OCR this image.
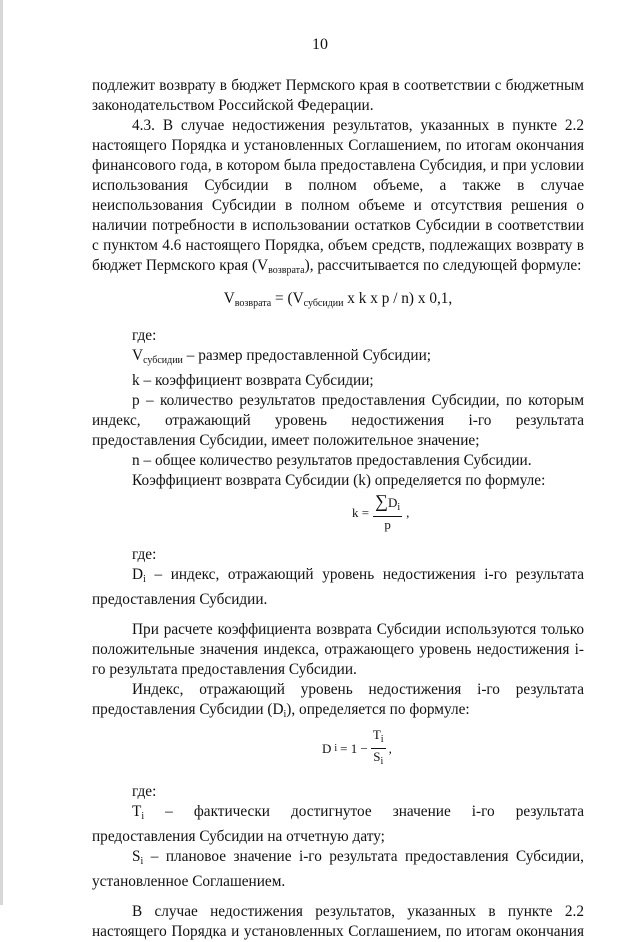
10

подлежит возврату в бюджет Пермского края в соответствии с бюджетным законодательством Российской Федерации.

4.3. В случае недостижения результатов, указанных в пункте 2.2 настоящего Порядка и установленных Соглашением, по итогам окончания финансового года, в котором была предоставлена Субсидия, и при условии использования Субсидии в полном объеме, а также в случае неиспользования Субсидии в полном объеме и отсутствия решения о наличии потребности в использовании остатков Субсидии в соответствии с пунктом 4.6 настоящего Порядка, объем средств, подлежащих возврату в бюджет Пермского края $(V_{возврата})$, рассчитывается по следующей формуле:

$V_{возврата} = (V_{субсидии}$ x k x p / n) x 0,1,

где:

$V_{субсидии}$ – размер предоставленной Субсидии;

k – коэффициент возврата Субсидии;

p – количество результатов предоставления Субсидии, по которым индекс, отражающий уровень недостижения i-го результата предоставления Субсидии, имеет положительное значение;

n – общее количество результатов предоставления Субсидии.

Коэффициент возврата Субсидии (k) определяется по формуле:

$k = \frac{\sum D_i}{p}$ ,

где:

$D_i$ – индекс, отражающий уровень недостижения i-го результата предоставления Субсидии.

При расчете коэффициента возврата Субсидии используются только положительные значения индекса, отражающего уровень недостижения i-го результата предоставления Субсидии.

Индекс, отражающий уровень недостижения i-го результата предоставления Субсидии $(D_i)$, определяется по формуле:

D $i = 1 - \frac{T_i}{S_i}$ ,

где:

$T_i$ – фактически достигнутое значение i-го результата предоставления Субсидии на отчетную дату;

$S_i$ – плановое значение i-го результата предоставления Субсидии, установленное Соглашением.

В случае недостижения результатов, указанных в пункте 2.2 настоящего Порядка и установленных Соглашением, по итогам окончания
